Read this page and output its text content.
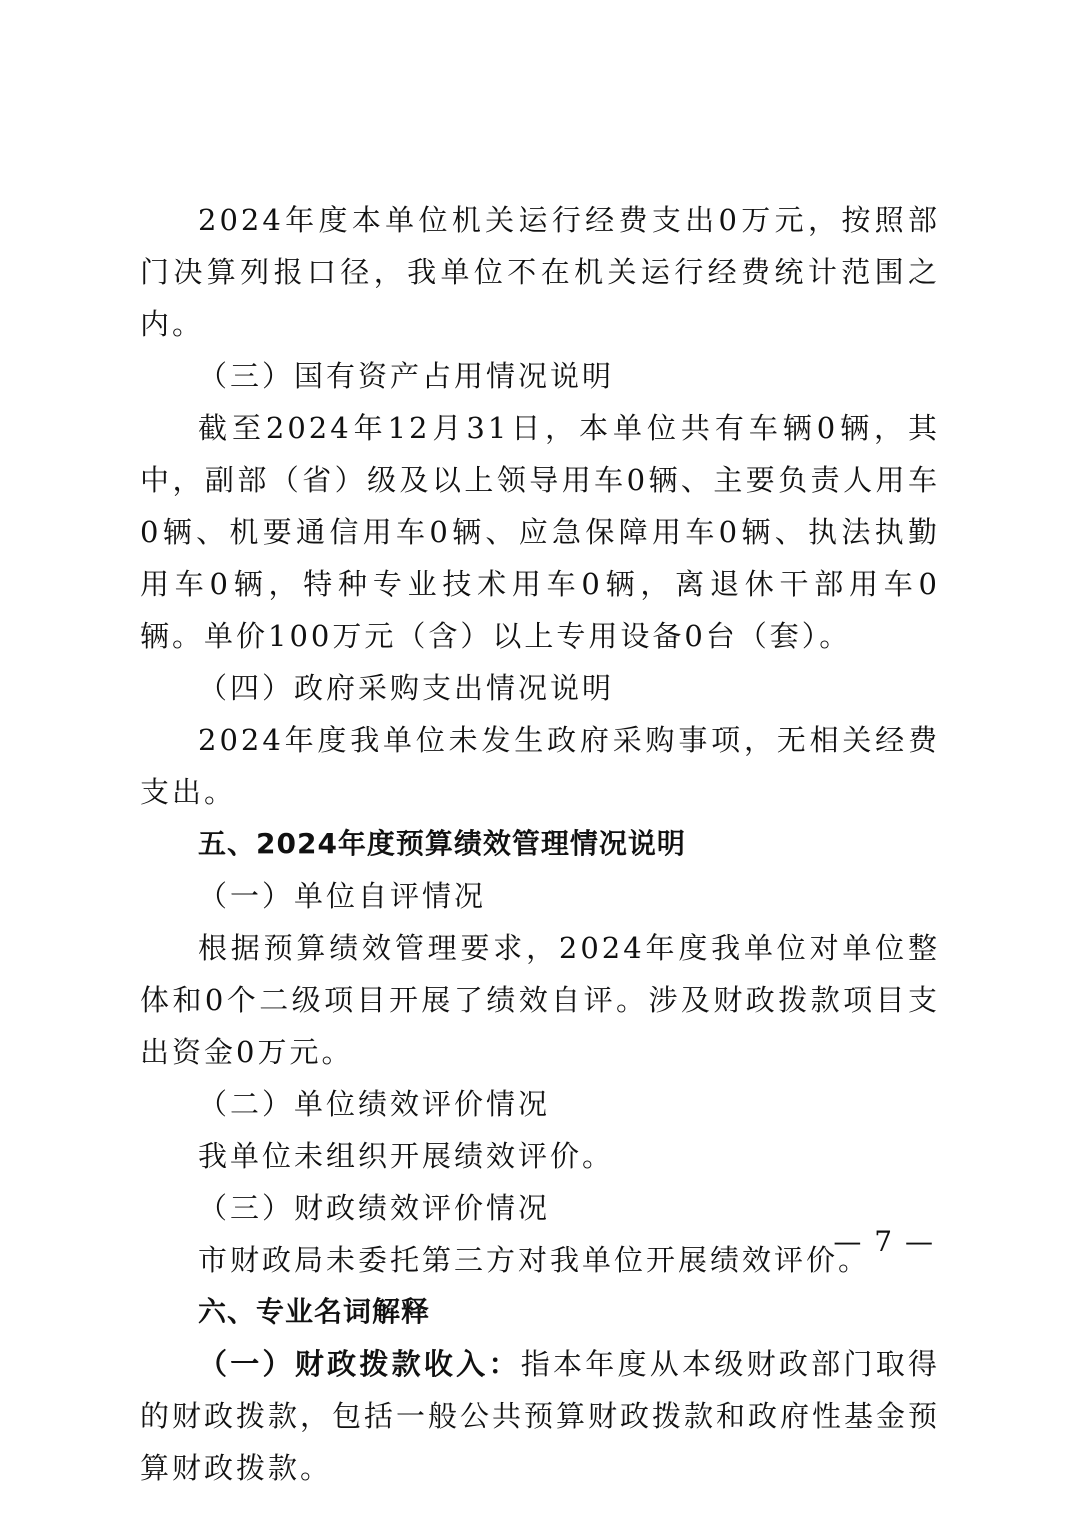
2024年度本单位机关运行经费支出0万元，按照部门决算列报口径，我单位不在机关运行经费统计范围之内。

（三）国有资产占用情况说明

截至2024年12月31日，本单位共有车辆0辆，其中，副部（省）级及以上领导用车0辆、主要负责人用车0辆、机要通信用车0辆、应急保障用车0辆、执法执勤用车0辆，特种专业技术用车0辆，离退休干部用车0辆。单价100万元（含）以上专用设备0台（套）。

（四）政府采购支出情况说明

2024年度我单位未发生政府采购事项，无相关经费支出。

五、2024年度预算绩效管理情况说明

（一）单位自评情况

根据预算绩效管理要求，2024年度我单位对单位整体和0个二级项目开展了绩效自评。涉及财政拨款项目支出资金0万元。

（二）单位绩效评价情况

我单位未组织开展绩效评价。

（三）财政绩效评价情况

市财政局未委托第三方对我单位开展绩效评价。

六、专业名词解释

（一）财政拨款收入：指本年度从本级财政部门取得的财政拨款，包括一般公共预算财政拨款和政府性基金预算财政拨款。

— 7 —
